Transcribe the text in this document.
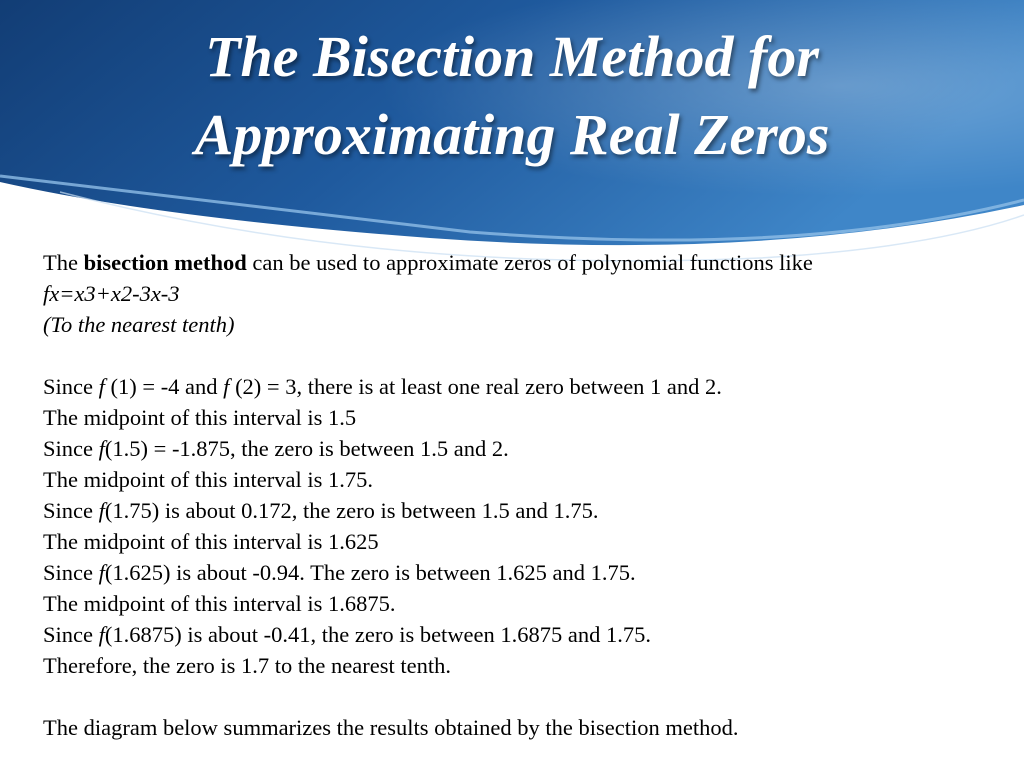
The Bisection Method for
Approximating Real Zeros
The bisection method can be used to approximate zeros of polynomial functions like
fx=x3+x2-3x-3
(To the nearest tenth)
Since f (1) = -4 and f (2) = 3, there is at least one real zero between 1 and 2.
The midpoint of this interval is 1.5
Since f(1.5) = -1.875, the zero is between 1.5 and 2.
The midpoint of this interval is 1.75.
Since f(1.75) is about 0.172, the zero is between 1.5 and 1.75.
The midpoint of this interval is 1.625
Since f(1.625) is about -0.94. The zero is between 1.625 and 1.75.
The midpoint of this interval is 1.6875.
Since f(1.6875) is about -0.41, the zero is between 1.6875 and 1.75.
Therefore, the zero is 1.7 to the nearest tenth.
The diagram below summarizes the results obtained by the bisection method.
